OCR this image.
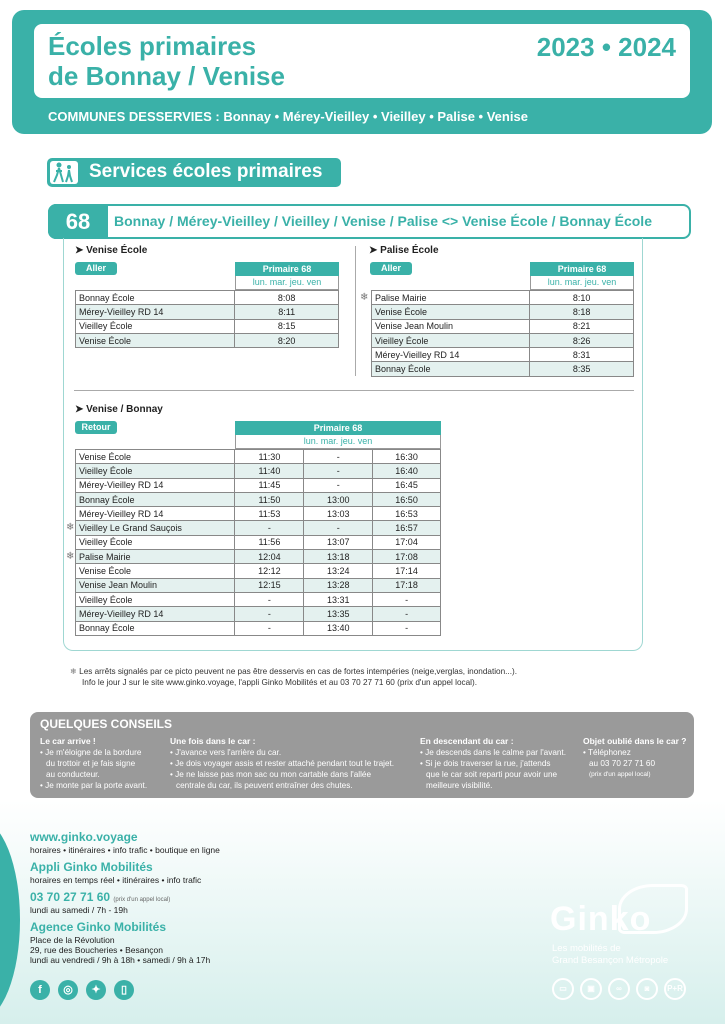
Écoles primaires
de Bonnay / Venise
2023 • 2024
COMMUNES DESSERVIES : Bonnay • Mérey-Vieilley • Vieilley • Palise • Venise
Services écoles primaires
68	Bonnay / Mérey-Vieilley / Vieilley / Venise / Palise <> Venise École / Bonnay École
➤ Venise École
Aller	Primaire 68
lun. mar. jeu. ven
Bonnay École	8:08
Mérey-Vieilley RD 14	8:11
Vieilley École	8:15
Venise École	8:20
➤ Palise École
Aller	Primaire 68
lun. mar. jeu. ven
Palise Mairie	8:10
Venise École	8:18
Venise Jean Moulin	8:21
Vieilley École	8:26
Mérey-Vieilley RD 14	8:31
Bonnay École	8:35
❄
➤ Venise / Bonnay
Retour	Primaire 68
lun. mar. jeu. ven
Venise École	11:30	-	16:30
Vieilley École	11:40	-	16:40
Mérey-Vieilley RD 14	11:45	-	16:45
Bonnay École	11:50	13:00	16:50
Mérey-Vieilley RD 14	11:53	13:03	16:53
Vieilley Le Grand Sauçois	-	-	16:57
Vieilley École	11:56	13:07	17:04
Palise Mairie	12:04	13:18	17:08
Venise École	12:12	13:24	17:14
Venise Jean Moulin	12:15	13:28	17:18
Vieilley École	-	13:31	-
Mérey-Vieilley RD 14	-	13:35	-
Bonnay École	-	13:40	-
❄
❄
❄ Les arrêts signalés par ce picto peuvent ne pas être desservis en cas de fortes intempéries (neige,verglas, inondation...).
Info le jour J sur le site www.ginko.voyage, l'appli Ginko Mobilités et au 03 70 27 71 60 (prix d'un appel local).
QUELQUES CONSEILS
Le car arrive !
• Je m'éloigne de la bordure
du trottoir et je fais signe
au conducteur.
• Je monte par la porte avant.
Une fois dans le car :
• J'avance vers l'arrière du car.
• Je dois voyager assis et rester attaché pendant tout le trajet.
• Je ne laisse pas mon sac ou mon cartable dans l'allée
centrale du car, ils peuvent entraîner des chutes.
En descendant du car :
• Je descends dans le calme par l'avant.
• Si je dois traverser la rue, j'attends
que le car soit reparti pour avoir une
meilleure visibilité.
Objet oublié dans le car ?
• Téléphonez
au 03 70 27 71 60
(prix d'un appel local)
www.ginko.voyage
horaires • itinéraires • info trafic • boutique en ligne
Appli Ginko Mobilités
horaires en temps réel • itinéraires • info trafic
03 70 27 71 60 (prix d'un appel local)
lundi au samedi / 7h - 19h
Agence Ginko Mobilités
Place de la Révolution
29, rue des Boucheries • Besançon
lundi au vendredi / 9h à 18h • samedi / 9h à 17h
f	◎	✦	▯
Ginko
Les mobilités de
Grand Besançon Métropole
▭	▣	∞	◙	P+R
